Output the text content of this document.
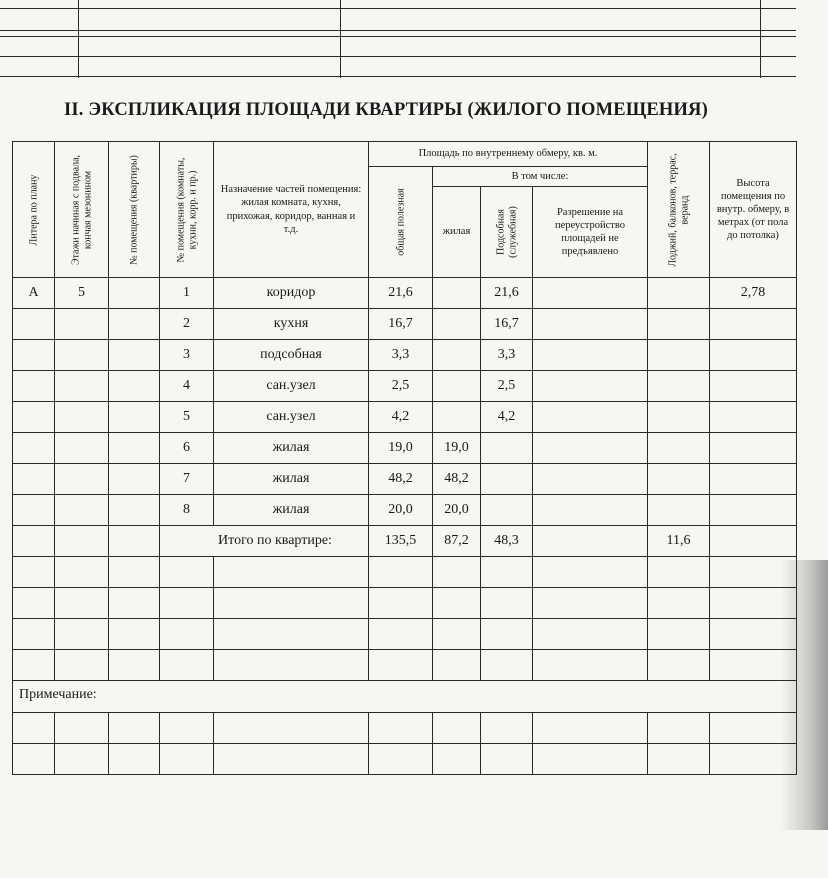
II. ЭКСПЛИКАЦИЯ ПЛОЩАДИ КВАРТИРЫ (ЖИЛОГО ПОМЕЩЕНИЯ)
Литера по плану	Этажи начиная с подвала, кончая мезонином	№ помещения (квартиры)	№ помещения (комнаты, кухни, корр. и пр.)	Назначение частей помещения: жилая комната, кухня, прихожая, коридор, ванная и т.д.	Площадь по внутреннему обмеру, кв. м.				Лоджий, балконов, террас, веранд	Высота помещения по внутр. обмеру, в метрах (от пола до потолка)

					общая полезная	В том числе:				
						жилая	Подсобная (служебная)	Разрешение на переустройство площадей не предъявлено		
А	5		1	коридор	21,6		21,6			2,78
			2	кухня	16,7		16,7			
			3	подсобная	3,3		3,3			
			4	сан.узел	2,5		2,5			
			5	сан.узел	4,2		4,2			
			6	жилая	19,0	19,0				
			7	жилая	48,2	48,2				
			8	жилая	20,0	20,0				
			Итого по квартире:		135,5	87,2	48,3		11,6	

Примечание:										
